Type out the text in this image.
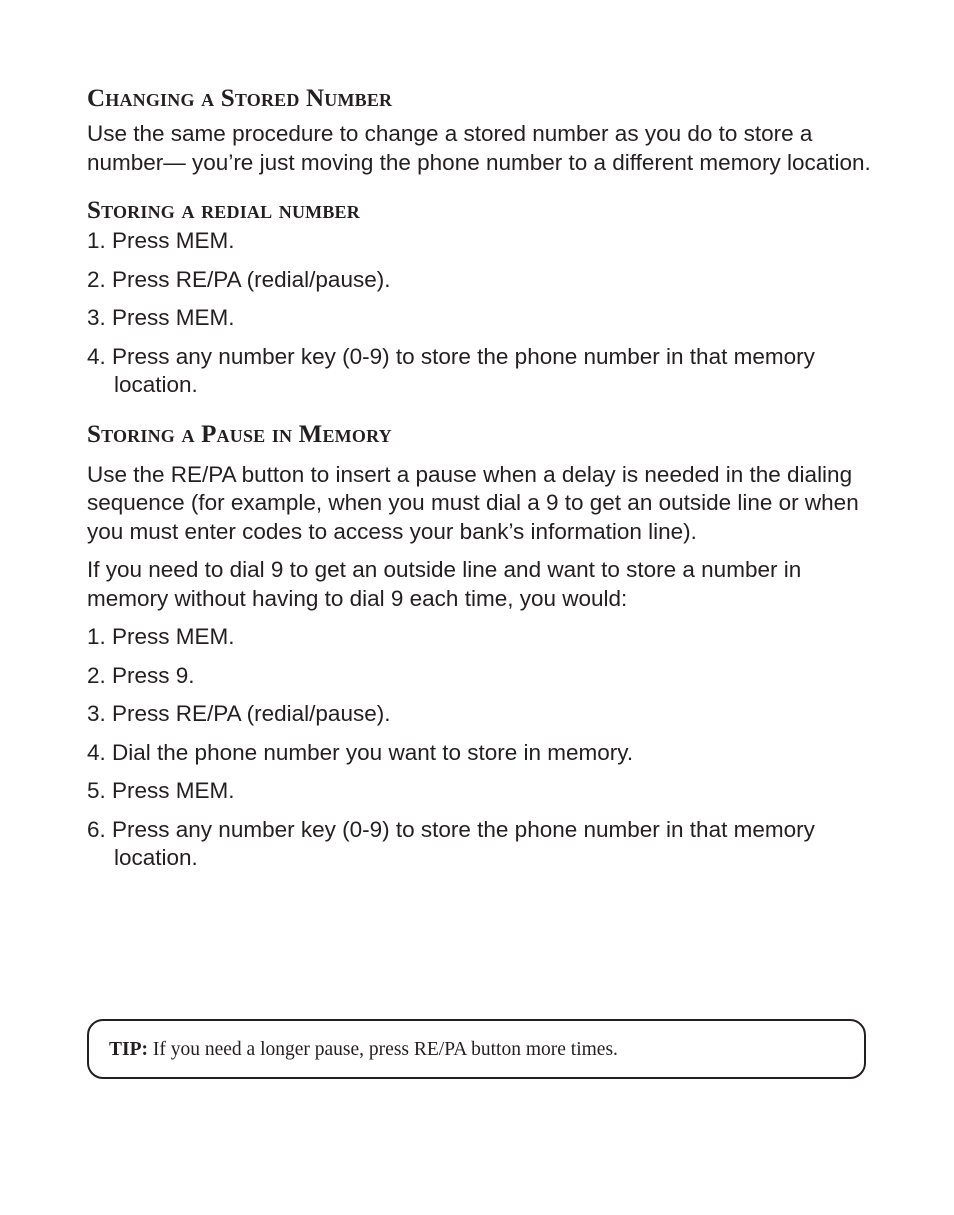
Changing a Stored Number

Use the same procedure to change a stored number as you do to store a number— you’re just moving the phone number to a different memory location.

Storing a redial number
1. Press MEM.
2. Press RE/PA (redial/pause).
3. Press MEM.
4. Press any number key (0-9) to store the phone number in that memory location.
Storing a Pause in Memory

Use the RE/PA button to insert a pause when a delay is needed in the dialing sequence (for example, when you must dial a 9 to get an outside line or when you must enter codes to access your bank’s information line).

If you need to dial 9 to get an outside line and want to store a number in memory without having to dial 9 each time, you would:

1. Press MEM.
2. Press 9.
3. Press RE/PA (redial/pause).
4. Dial the phone number you want to store in memory.
5. Press MEM.
6. Press any number key (0-9) to store the phone number in that memory location.
TIP: If you need a longer pause, press RE/PA button more times.
